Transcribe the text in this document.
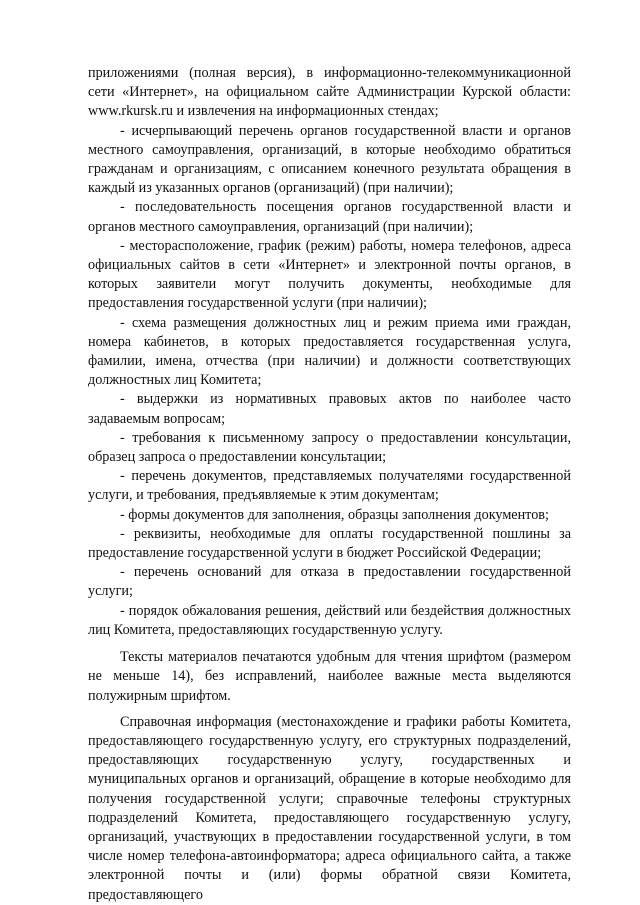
приложениями (полная версия), в информационно-телекоммуникационной сети «Интернет», на официальном сайте Администрации Курской области: www.rkursk.ru и извлечения на информационных стендах;

- исчерпывающий перечень органов государственной власти и органов местного самоуправления, организаций, в которые необходимо обратиться гражданам и организациям, с описанием конечного результата обращения в каждый из указанных органов (организаций) (при наличии);

- последовательность посещения органов государственной власти и органов местного самоуправления, организаций (при наличии);

- месторасположение, график (режим) работы, номера телефонов, адреса официальных сайтов в сети «Интернет» и электронной почты органов, в которых заявители могут получить документы, необходимые для предоставления государственной услуги (при наличии);

- схема размещения должностных лиц и режим приема ими граждан, номера кабинетов, в которых предоставляется государственная услуга, фамилии, имена, отчества (при наличии) и должности соответствующих должностных лиц Комитета;

- выдержки из нормативных правовых актов по наиболее часто задаваемым вопросам;

- требования к письменному запросу о предоставлении консультации, образец запроса о предоставлении консультации;

- перечень документов, представляемых получателями государственной услуги, и требования, предъявляемые к этим документам;

- формы документов для заполнения, образцы заполнения документов;

- реквизиты, необходимые для оплаты государственной пошлины за предоставление государственной услуги в бюджет Российской Федерации;

- перечень оснований для отказа в предоставлении государственной услуги;

- порядок обжалования решения, действий или бездействия должностных лиц Комитета, предоставляющих государственную услугу.

Тексты материалов печатаются удобным для чтения шрифтом (размером не меньше 14), без исправлений, наиболее важные места выделяются полужирным шрифтом.

Справочная информация (местонахождение и графики работы Комитета, предоставляющего государственную услугу, его структурных подразделений, предоставляющих государственную услугу, государственных и муниципальных органов и организаций, обращение в которые необходимо для получения государственной услуги; справочные телефоны структурных подразделений Комитета, предоставляющего государственную услугу, организаций, участвующих в предоставлении государственной услуги, в том числе номер телефона-автоинформатора; адреса официального сайта, а также электронной почты и (или) формы обратной связи Комитета, предоставляющего
